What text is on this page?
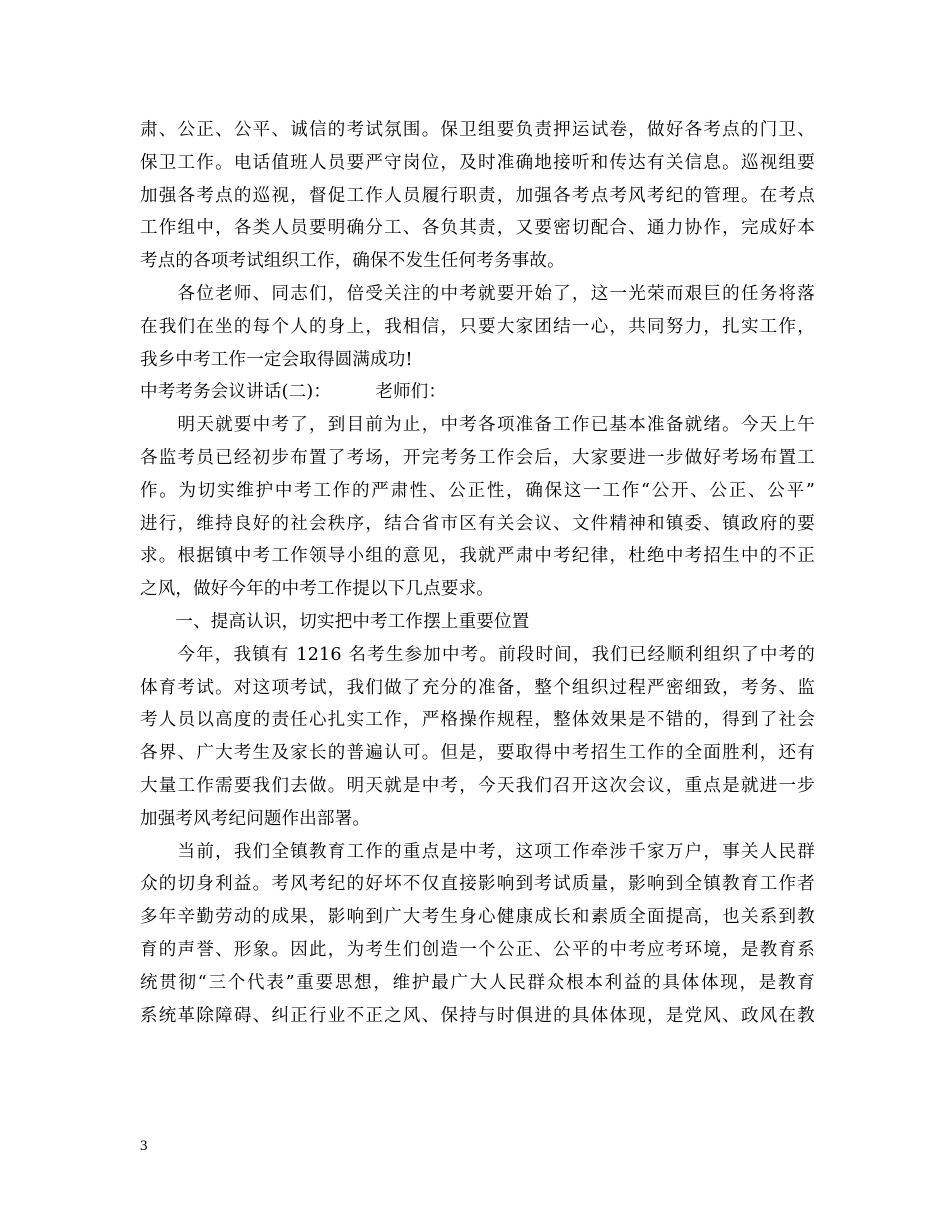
肃、公正、公平、诚信的考试氛围。保卫组要负责押运试卷，做好各考点的门卫、
保卫工作。电话值班人员要严守岗位，及时准确地接听和传达有关信息。巡视组要
加强各考点的巡视，督促工作人员履行职责，加强各考点考风考纪的管理。在考点
工作组中，各类人员要明确分工、各负其责，又要密切配合、通力协作，完成好本
考点的各项考试组织工作，确保不发生任何考务事故。

　　各位老师、同志们，倍受关注的中考就要开始了，这一光荣而艰巨的任务将落
在我们在坐的每个人的身上，我相信，只要大家团结一心，共同努力，扎实工作，
我乡中考工作一定会取得圆满成功!

中考考务会议讲话(二)：　　　老师们：

　　明天就要中考了，到目前为止，中考各项准备工作已基本准备就绪。今天上午
各监考员已经初步布置了考场，开完考务工作会后，大家要进一步做好考场布置工
作。为切实维护中考工作的严肃性、公正性，确保这一工作“公开、公正、公平”
进行，维持良好的社会秩序，结合省市区有关会议、文件精神和镇委、镇政府的要
求。根据镇中考工作领导小组的意见，我就严肃中考纪律，杜绝中考招生中的不正
之风，做好今年的中考工作提以下几点要求。

　　一、提高认识，切实把中考工作摆上重要位置

　　今年，我镇有 1216 名考生参加中考。前段时间，我们已经顺利组织了中考的
体育考试。对这项考试，我们做了充分的准备，整个组织过程严密细致，考务、监
考人员以高度的责任心扎实工作，严格操作规程，整体效果是不错的，得到了社会
各界、广大考生及家长的普遍认可。但是，要取得中考招生工作的全面胜利，还有
大量工作需要我们去做。明天就是中考，今天我们召开这次会议，重点是就进一步
加强考风考纪问题作出部署。

　　当前，我们全镇教育工作的重点是中考，这项工作牵涉千家万户，事关人民群
众的切身利益。考风考纪的好坏不仅直接影响到考试质量，影响到全镇教育工作者
多年辛勤劳动的成果，影响到广大考生身心健康成长和素质全面提高，也关系到教
育的声誉、形象。因此，为考生们创造一个公正、公平的中考应考环境，是教育系
统贯彻“三个代表”重要思想，维护最广大人民群众根本利益的具体体现，是教育
系统革除障碍、纠正行业不正之风、保持与时俱进的具体体现，是党风、政风在教

3
